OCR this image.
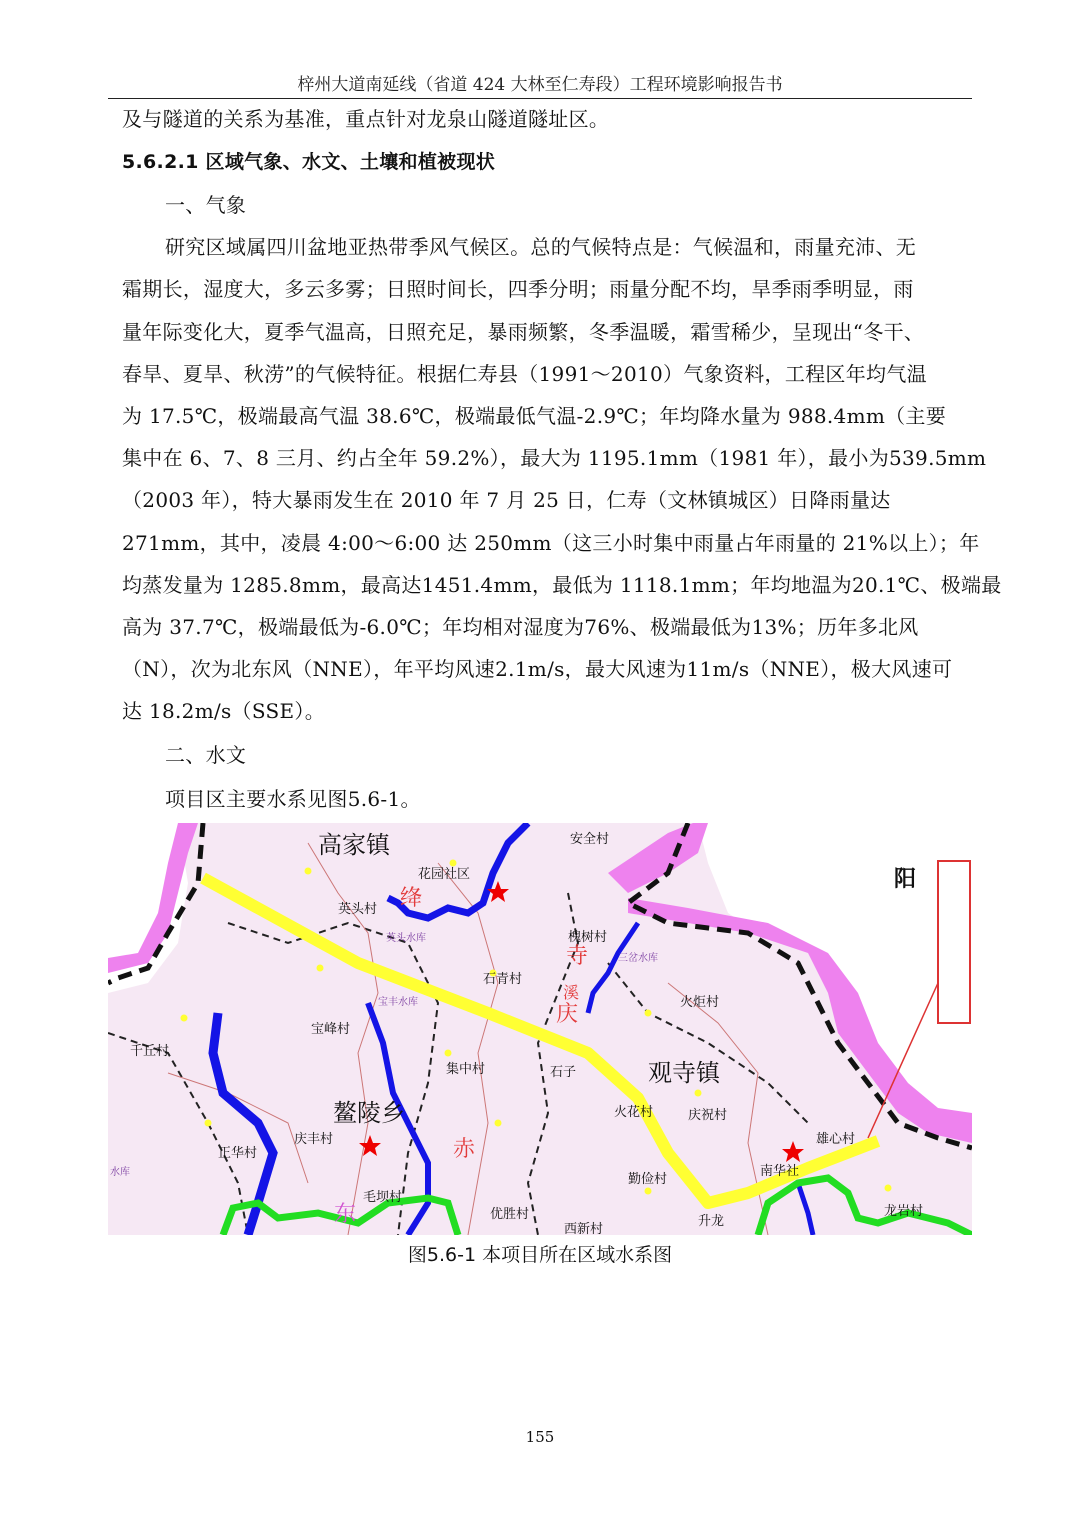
梓州大道南延线（省道 424 大林至仁寿段）工程环境影响报告书
及与隧道的关系为基准，重点针对龙泉山隧道隧址区。
5.6.2.1 区域气象、水文、土壤和植被现状
一、气象
研究区域属四川盆地亚热带季风气候区。总的气候特点是：气候温和，雨量充沛、无
霜期长，湿度大，多云多雾；日照时间长，四季分明；雨量分配不均，旱季雨季明显，雨
量年际变化大，夏季气温高，日照充足，暴雨频繁，冬季温暖，霜雪稀少，呈现出“冬干、
春旱、夏旱、秋涝”的气候特征。根据仁寿县（1991～2010）气象资料，工程区年均气温
为 17.5℃，极端最高气温 38.6℃，极端最低气温-2.9℃；年均降水量为 988.4mm（主要
集中在 6、7、8 三月、约占全年 59.2%），最大为 1195.1mm（1981 年），最小为539.5mm
（2003 年），特大暴雨发生在 2010 年 7 月 25 日，仁寿（文林镇城区）日降雨量达
271mm，其中，凌晨 4:00～6:00 达 250mm（这三小时集中雨量占年雨量的 21%以上）；年
均蒸发量为 1285.8mm，最高达1451.4mm，最低为 1118.1mm；年均地温为20.1℃、极端最
高为 37.7℃，极端最低为-6.0℃；年均相对湿度为76%、极端最低为13%；历年多北风
（N），次为北东风（NNE），年平均风速2.1m/s，最大风速为11m/s（NNE），极大风速可
达 18.2m/s（SSE）。
二、水文
项目区主要水系见图5.6-1。
高家镇
鳌陵乡
观寺镇
安全村
花园社区
英头村
槐树村
石青村
火炬村
千丘村
宝峰村
集中村	石子
火花村	庆祝村
雄心村
正华村
庆丰村
南华社
勤俭村
毛坝村
优胜村
西新村
升龙
龙岩村
英头水库
三岔水库
宝丰水库
水库
绛
寺
庆
赤
东
溪
阳
图5.6-1 本项目所在区域水系图
155
